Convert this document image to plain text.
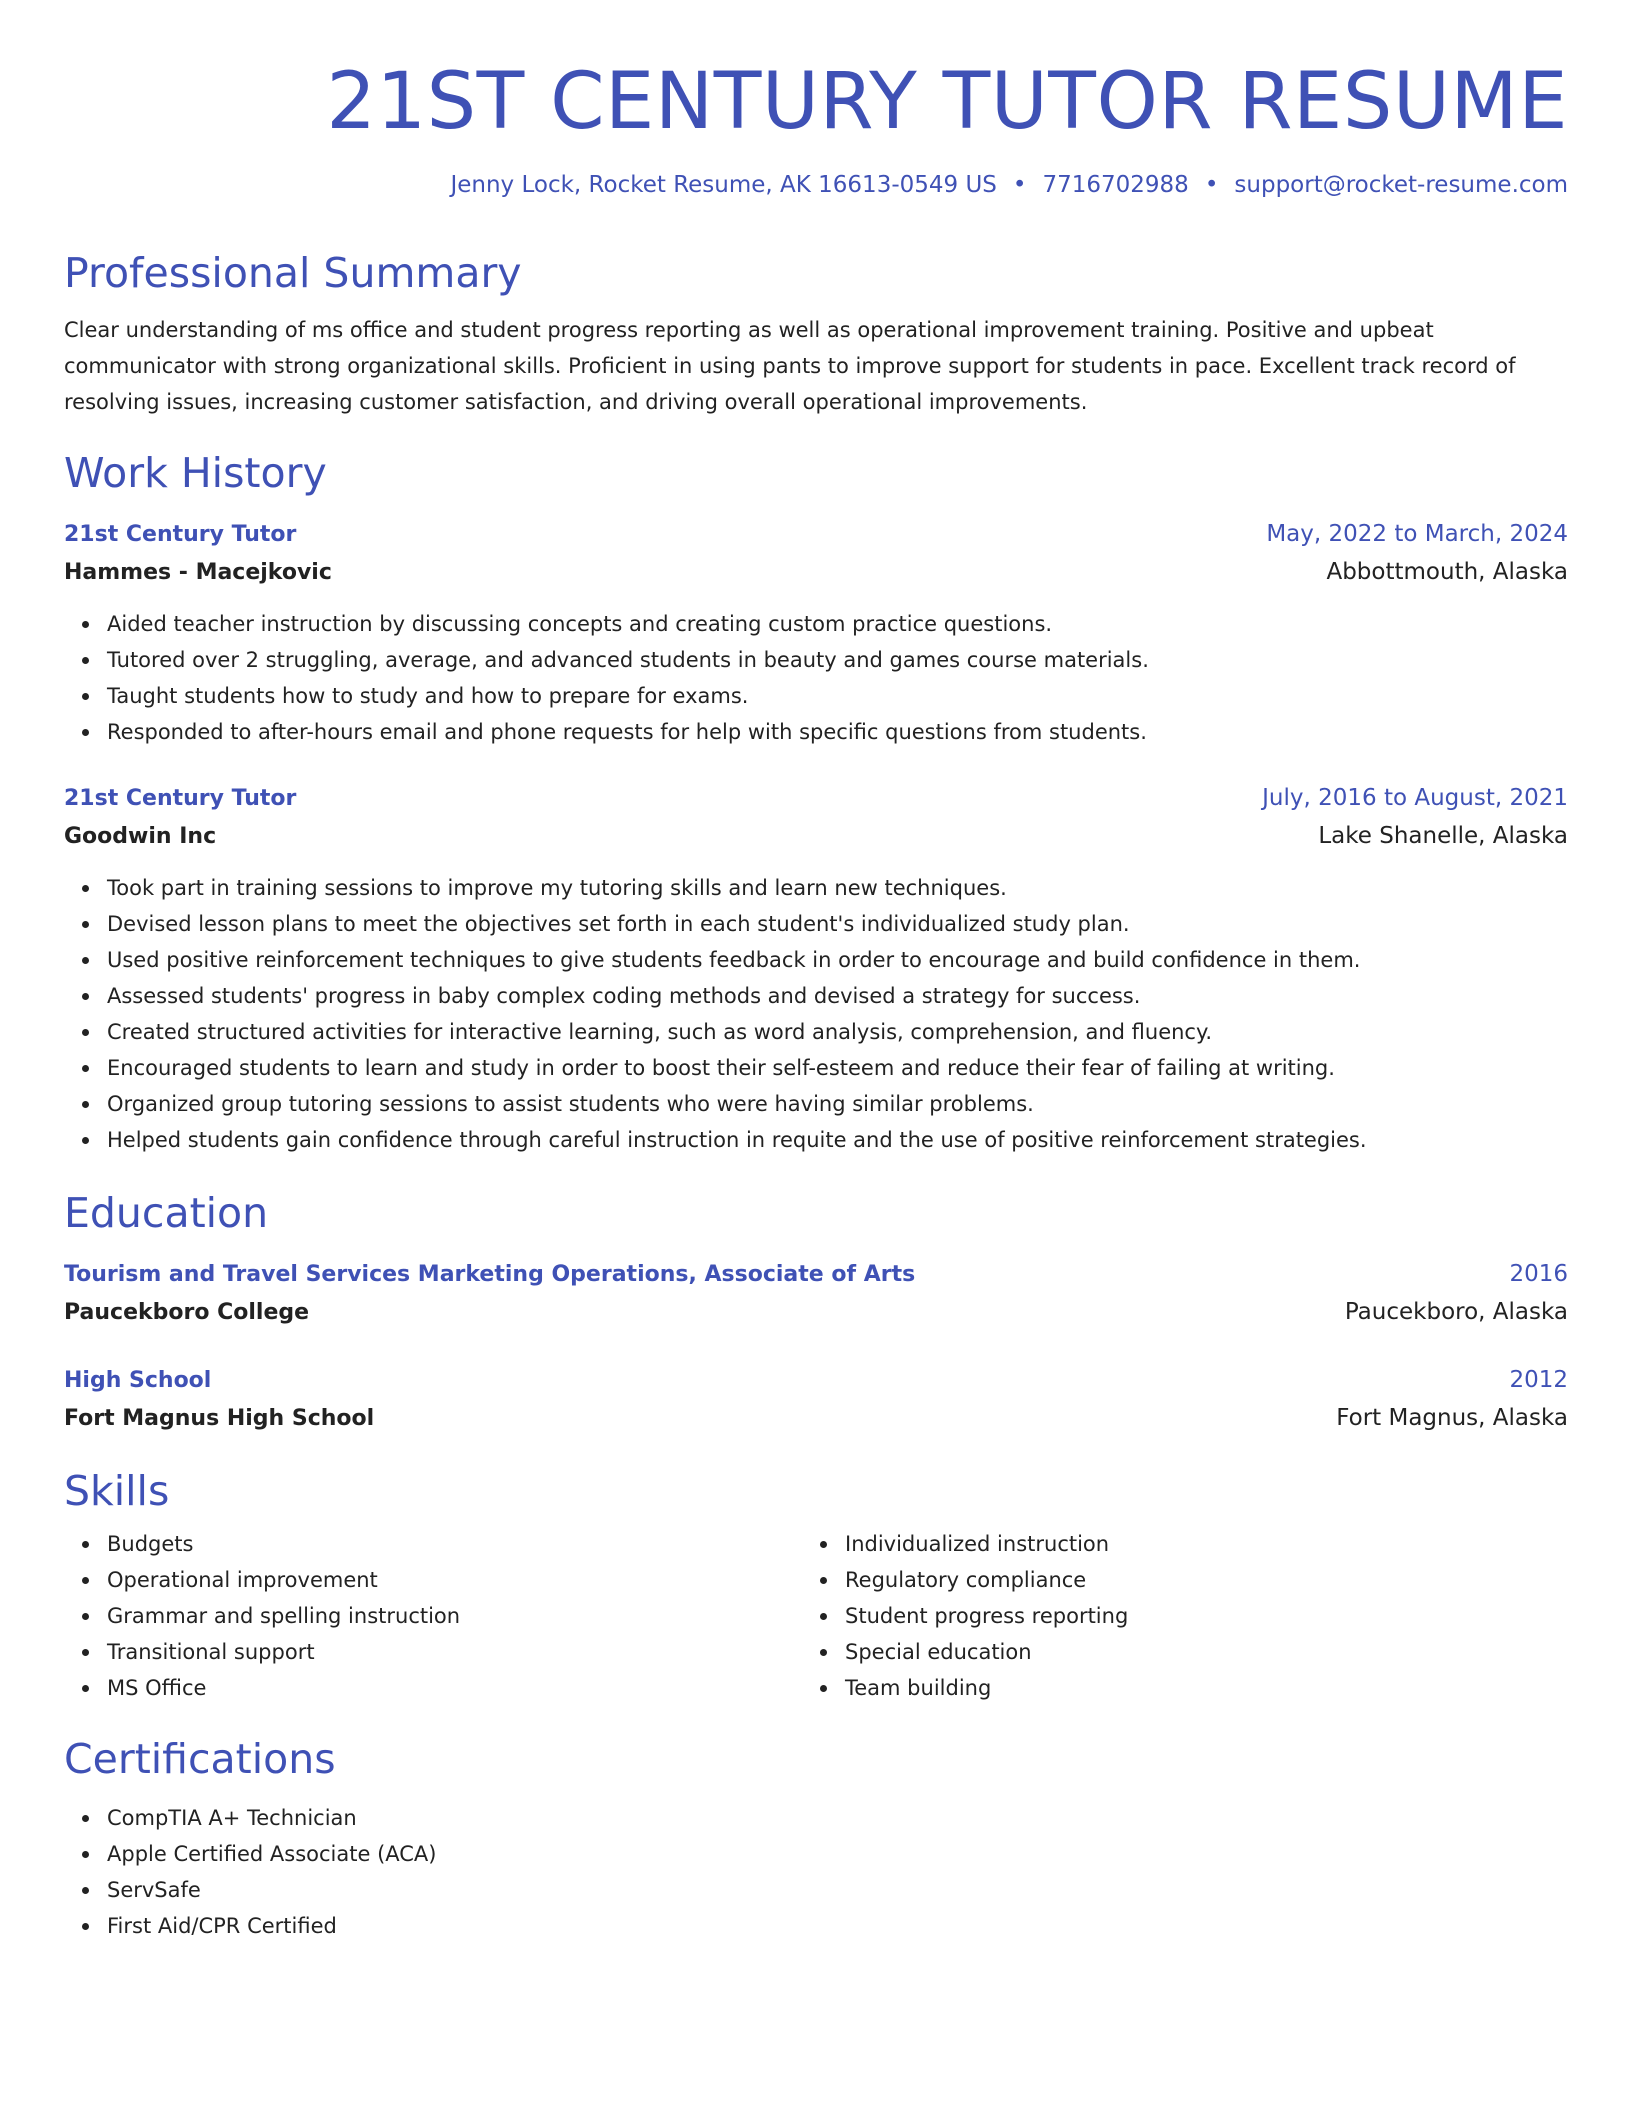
21ST CENTURY TUTOR RESUME
Jenny Lock, Rocket Resume, AK 16613-0549 US • 7716702988 • support@rocket-resume.com
Professional Summary
Clear understanding of ms office and student progress reporting as well as operational improvement training. Positive and upbeat communicator with strong organizational skills. Proficient in using pants to improve support for students in pace. Excellent track record of resolving issues, increasing customer satisfaction, and driving overall operational improvements.
Work History
21st Century Tutor	May, 2022 to March, 2024
Hammes - Macejkovic	Abbottmouth, Alaska
Aided teacher instruction by discussing concepts and creating custom practice questions.
Tutored over 2 struggling, average, and advanced students in beauty and games course materials.
Taught students how to study and how to prepare for exams.
Responded to after-hours email and phone requests for help with specific questions from students.
21st Century Tutor	July, 2016 to August, 2021
Goodwin Inc	Lake Shanelle, Alaska
Took part in training sessions to improve my tutoring skills and learn new techniques.
Devised lesson plans to meet the objectives set forth in each student's individualized study plan.
Used positive reinforcement techniques to give students feedback in order to encourage and build confidence in them.
Assessed students' progress in baby complex coding methods and devised a strategy for success.
Created structured activities for interactive learning, such as word analysis, comprehension, and fluency.
Encouraged students to learn and study in order to boost their self-esteem and reduce their fear of failing at writing.
Organized group tutoring sessions to assist students who were having similar problems.
Helped students gain confidence through careful instruction in requite and the use of positive reinforcement strategies.
Education
Tourism and Travel Services Marketing Operations, Associate of Arts	2016
Paucekboro College	Paucekboro, Alaska
High School	2012
Fort Magnus High School	Fort Magnus, Alaska
Skills
Budgets
Operational improvement
Grammar and spelling instruction
Transitional support
MS Office
Individualized instruction
Regulatory compliance
Student progress reporting
Special education
Team building
Certifications
CompTIA A+ Technician
Apple Certified Associate (ACA)
ServSafe
First Aid/CPR Certified
